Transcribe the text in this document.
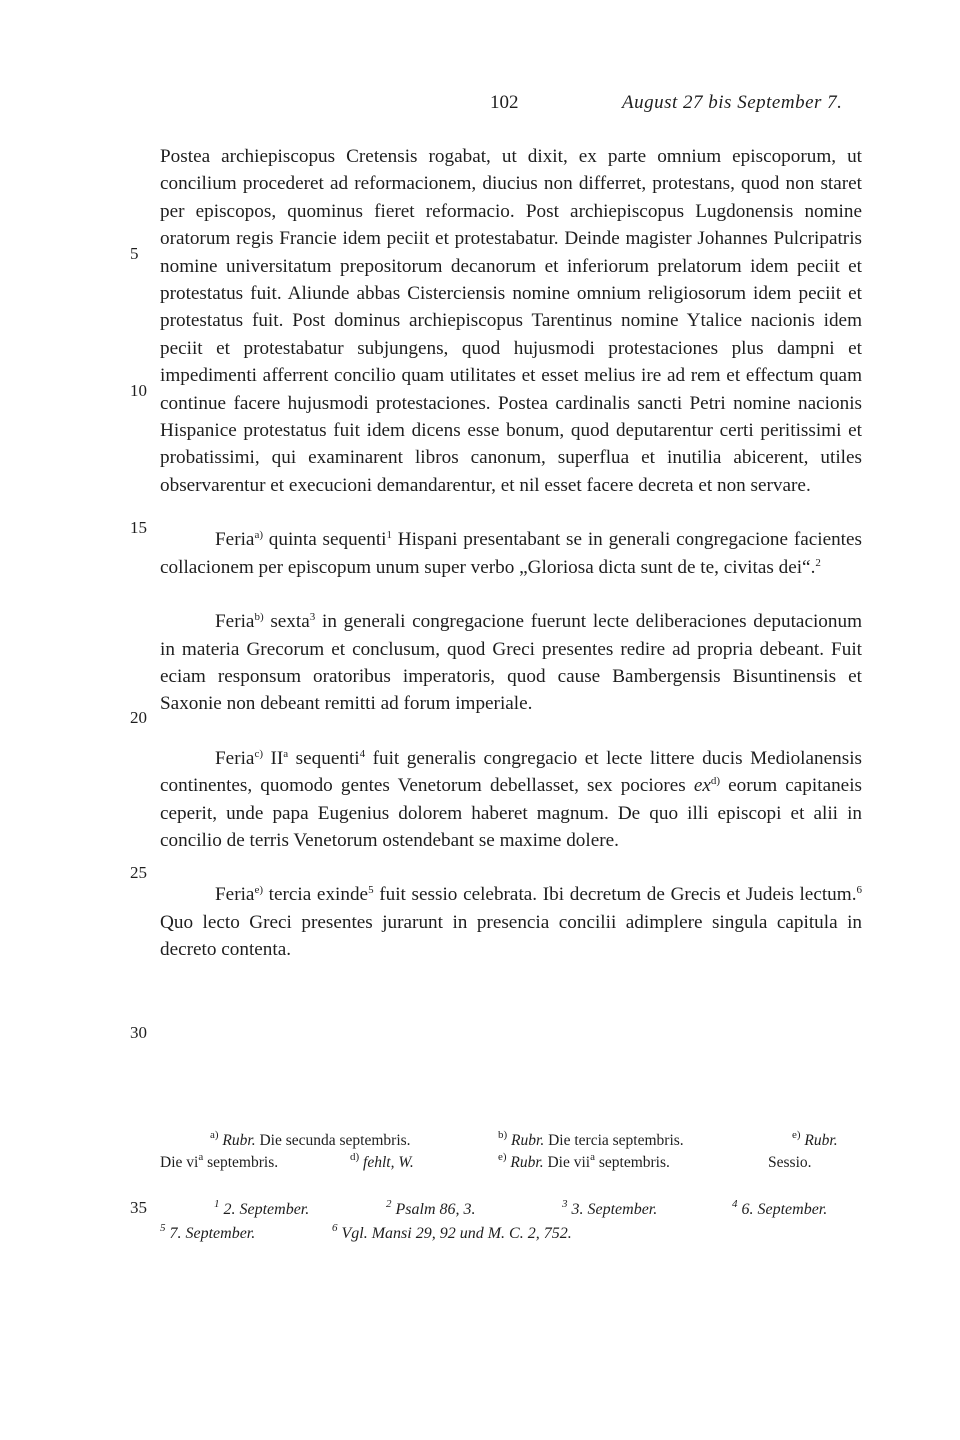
102	August 27 bis September 7.
5
10
15
20
25
30
35

Postea archiepiscopus Cretensis rogabat, ut dixit, ex parte omnium episcoporum, ut concilium procederet ad reformacionem, diucius non differret, protestans, quod non staret per episcopos, quominus fieret reformacio. Post archiepiscopus Lugdonensis nomine oratorum regis Francie idem peciit et protestabatur. Deinde magister Johannes Pulcripatris nomine universitatum prepositorum decanorum et inferiorum prelatorum idem peciit et protestatus fuit. Aliunde abbas Cisterciensis nomine omnium religiosorum idem peciit et protestatus fuit. Post dominus archiepiscopus Tarentinus nomine Ytalice nacionis idem peciit et protestabatur subjungens, quod hujusmodi protestaciones plus dampni et impedimenti afferrent concilio quam utilitates et esset melius ire ad rem et effectum quam continue facere hujusmodi protestaciones. Postea cardinalis sancti Petri nomine nacionis Hispanice protestatus fuit idem dicens esse bonum, quod deputarentur certi peritissimi et probatissimi, qui examinarent libros canonum, superflua et inutilia abicerent, utiles observarentur et execucioni demandarentur, et nil esset facere decreta et non servare.

Feria$^{a)}$ quinta sequenti$^1$ Hispani presentabant se in generali congregacione facientes collacionem per episcopum unum super verbo „Gloriosa dicta sunt de te, civitas dei“.$^2$

Feria$^{b)}$ sexta$^3$ in generali congregacione fuerunt lecte deliberaciones deputacionum in materia Grecorum et conclusum, quod Greci presentes redire ad propria debeant. Fuit eciam responsum oratoribus imperatoris, quod cause Bambergensis Bisuntinensis et Saxonie non debeant remitti ad forum imperiale.

Feria$^{c)}$ $II^a$ sequenti$^4$ fuit generalis congregacio et lecte littere ducis Mediolanensis continentes, quomodo gentes Venetorum debellasset, sex pociores $ex^{d)}$ eorum capitaneis ceperit, unde papa Eugenius dolorem haberet magnum. De quo illi episcopi et alii in concilio de terris Venetorum ostendebant se maxime dolere.

Feria$^{e)}$ tercia exinde$^5$ fuit sessio celebrata. Ibi decretum de Grecis et Judeis lectum.$^6$ Quo lecto Greci presentes jurarunt in presencia concilii adimplere singula capitula in decreto contenta.

$^{a)}$ Rubr. Die secunda septembris.	$^{b)}$ Rubr. Die tercia septembris.	$^{e)}$ Rubr.
Die $vi^a$ septembris.	$^{d)}$ fehlt, W.	$^{e)}$ Rubr. Die vii$^a$ septembris.	Sessio.
$^1$ 2. September.	$^2$ Psalm 86, 3.	$^3$ 3. September.	$^4$ 6. September.
$^5$ 7. September.	$^6$ Vgl. Mansi 29, 92 und M. C. 2, 752.
